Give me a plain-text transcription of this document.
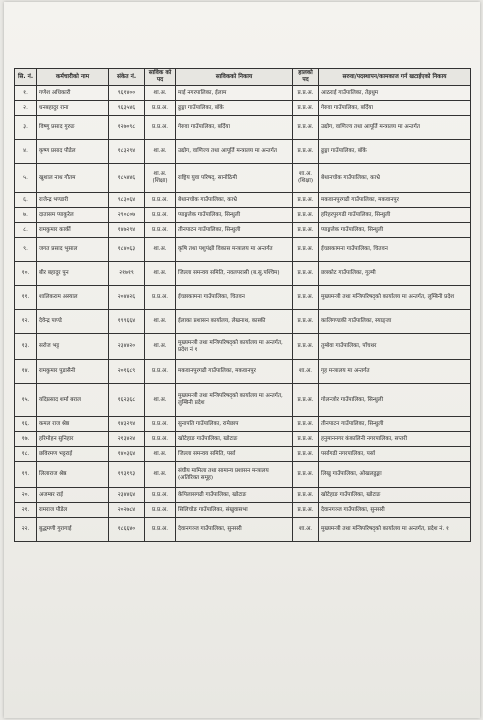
सि. नं.	कर्मचारीको नाम	संकेत नं.	साविक को पद	साविकको निकाय	हालको पद	सरुवा/पदस्थापन/कामकाज गर्न खटाईएको निकाय
१.	गणेश अधिकारी	९६१४००	शा.अ.	माई नगरपालिका, ईलाम	प्र.प्र.अ.	आठराई गाउँपालिका, तेह्रथुम
२.	धनबहादुर राना	९६३५४६	प्र.प्र.अ.	ढुङ्गा गाउँपालिका, बाँके	प्र.प्र.अ.	गेरुवा गाउँपालिका, बर्दिया
३.	विष्णु प्रसाद गुरुङ	१२७०९८	प्र.प्र.अ.	गेरुवा गाउँपालिका, बर्दिया	प्र.प्र.अ.	उद्योग, वाणिज्य तथा आपूर्ति मन्त्रालय मा अन्तर्गत
४.	कृष्ण प्रसाद पौडेल	१८३२९४	शा.अ.	उद्योग, वाणिज्य तथा आपूर्ति मन्त्रालय मा अन्तर्गत	प्र.प्र.अ.	ढुङ्गा गाउँपालिका, बाँके
५.	खुशाल नाथ गौतम	१८५४४६	शा.अ. (शिक्षा)	राष्ट्रिय युवा परिषद्, सानोठिमी	शा.अ. (शिक्षा)	बेथानचोक गाउँपालिका, काभ्रे
६.	राजेन्द्र भण्डारी	९८३०६४	प्र.प्र.अ.	बेथानचोक गाउँपालिका, काभ्रे	प्र.प्र.अ.	मकवानपुरगढी गाउँपालिका, मकवानपुर
७.	दातासम प्याकुरेल	२९०८०७	प्र.प्र.अ.	प्याङ्गलेक गाउँपालिका, सिन्धुली	प्र.प्र.अ.	हरिहरपुरगढी गाउँपालिका, सिन्धुली
८.	रामकुमार कार्की	१४७२९४	प्र.प्र.अ.	तीनपाटन गाउँपालिका, सिन्धुली	प्र.प्र.अ.	प्याङ्गलेक गाउँपालिका, सिन्धुली
९.	जगत प्रसाद भुसाल	१८४०६३	शा.अ.	कृषि तथा पशुपंक्षी विकास मन्त्रालय मा अन्तर्गत	प्र.प्र.अ.	ईच्छाकामना गाउँपालिका, चितवन
१०.	बीर बहादुर पुन	२१७१९	शा.अ.	जिल्ला समन्वय समिति, नवलपरासी (ब.सु.पश्चिम)	प्र.प्र.अ.	छत्रकोट गाउँपालिका, गुल्मी
११.	शालिकराम अस्याल	२०४४२६	प्र.प्र.अ.	ईच्छाकामना गाउँपालिका, चितवन	प्र.प्र.अ.	मुख्यमन्त्री तथा मन्त्रिपरिषद्को कार्यालय मा अन्तर्गत, लुम्बिनी प्रदेश
१२.	देवेन्द्र पाण्डे	१९९६६४	शा.अ.	ईलाका प्रशासन कार्यालय, लेखनाथ, कास्की	प्र.प्र.अ.	कालिगण्डकी गाउँपालिका, स्याङ्जा
१३.	सरोज भट्ट	२३४४२०	शा.अ.	मुख्यमन्त्री तथा मन्त्रिपरिषद्को कार्यालय मा अन्तर्गत, प्रदेश नं १	प्र.प्र.अ.	तुम्बेवा गाउँपालिका, पाँचथर
१४.	रामकुमार पुडासैनी	२०१६८९	प्र.प्र.अ.	मकवानपुरगढी गाउँपालिका, मकवानपुर	शा.अ.	गृह मन्त्रालय मा अन्तर्गत
१५.	यदिप्रसाद शर्मा बराल	१६२३६८	शा.अ.	मुख्यमन्त्री तथा मन्त्रिपरिषद्को कार्यालय मा अन्तर्गत, लुम्बिनी प्रदेश	प्र.प्र.अ.	गोलन्जोर गाउँपालिका, सिन्धुली
१६.	कमल राज श्रेष्ठ	१४३२९४	प्र.प्र.अ.	सुनापति गाउँपालिका, रामेछाप	प्र.प्र.अ.	तीनपाटन गाउँपालिका, सिन्धुली
१७.	हरिमोहन सुनिहार	२१३४२४	प्र.प्र.अ.	खोटेहाङ गाउँपालिका, खोटाङ	प्र.प्र.अ.	हनुमाननगर कंकालिनी नगरपालिका, सप्तरी
१८.	छविरमण भट्टराई	१४०३६४	शा.अ.	जिल्ला समन्वय समिति, पर्सा	प्र.प्र.अ.	पर्सागढी नगरपालिका, पर्सा
१९.	लिलाराज श्रेष्ठ	१९३१९३	शा.अ.	संघीय मामिला तथा सामान्य प्रशासन मन्त्रालय (अतिरिक्त समूह)	प्र.प्र.अ.	लिखु गाउँपालिका, ओखलढुङ्गा
२०.	अजम्बर राई	२३४४६४	प्र.प्र.अ.	केपिलासगढी गाउँपालिका, खोटाङ	प्र.प्र.अ.	खोटेहाङ गाउँपालिका, खोटाङ
२१.	रामराज पौडेल	२०२७८४	प्र.प्र.अ.	सिलिचोङ गाउँपालिका, संखुवासभा	प्र.प्र.अ.	देवानगञ्ज गाउँपालिका, सुनसरी
२२.	बुद्धमणी गुरागाई	१८६६४०	प्र.प्र.अ.	देवानगञ्ज गाउँपालिका, सुनसरी	शा.अ.	मुख्यमन्त्री तथा मन्त्रिपरिषद्को कार्यालय मा अन्तर्गत, प्रदेश नं. १
